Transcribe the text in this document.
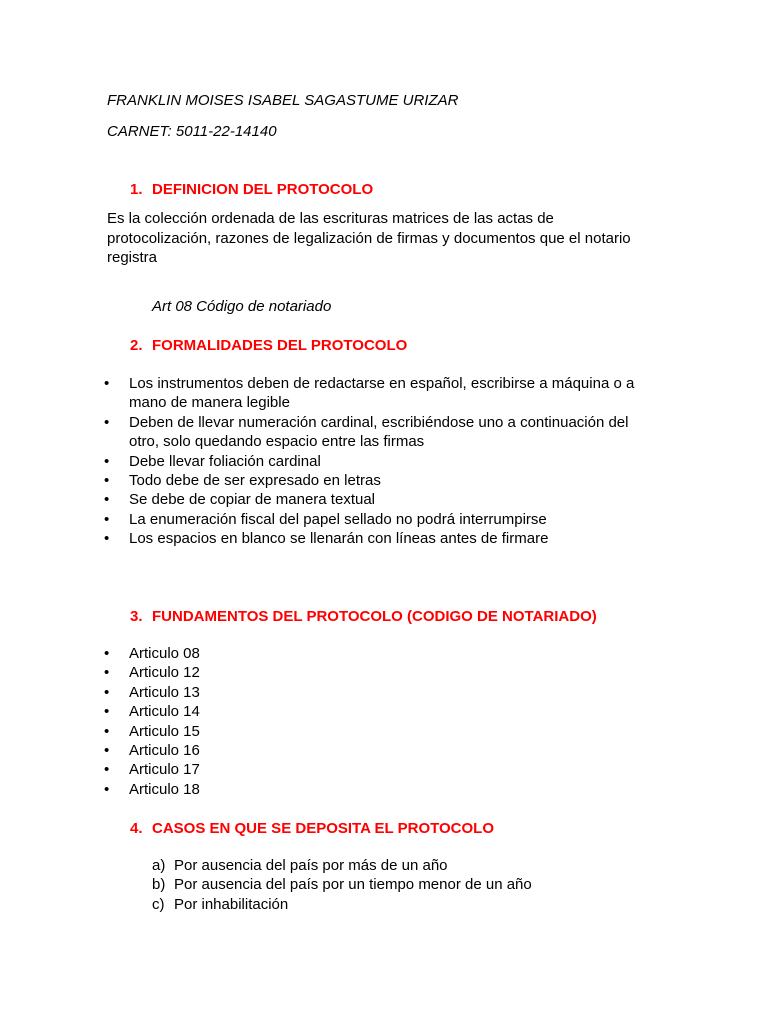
FRANKLIN MOISES ISABEL SAGASTUME URIZAR
CARNET: 5011-22-14140
1. DEFINICION DEL PROTOCOLO
Es la colección ordenada de las escrituras matrices de las actas de protocolización, razones de legalización de firmas y documentos que el notario registra
Art 08 Código de notariado
2. FORMALIDADES DEL PROTOCOLO
• Los instrumentos deben de redactarse en español, escribirse a máquina o a mano de manera legible
• Deben de llevar numeración cardinal, escribiéndose uno a continuación del otro, solo quedando espacio entre las firmas
• Debe llevar foliación cardinal
• Todo debe de ser expresado en letras
• Se debe de copiar de manera textual
• La enumeración fiscal del papel sellado no podrá interrumpirse
• Los espacios en blanco se llenarán con líneas antes de firmare
3. FUNDAMENTOS DEL PROTOCOLO (CODIGO DE NOTARIADO)
• Articulo 08
• Articulo 12
• Articulo 13
• Articulo 14
• Articulo 15
• Articulo 16
• Articulo 17
• Articulo 18
4. CASOS EN QUE SE DEPOSITA EL PROTOCOLO
a) Por ausencia del país por más de un año
b) Por ausencia del país por un tiempo menor de un año
c) Por inhabilitación
